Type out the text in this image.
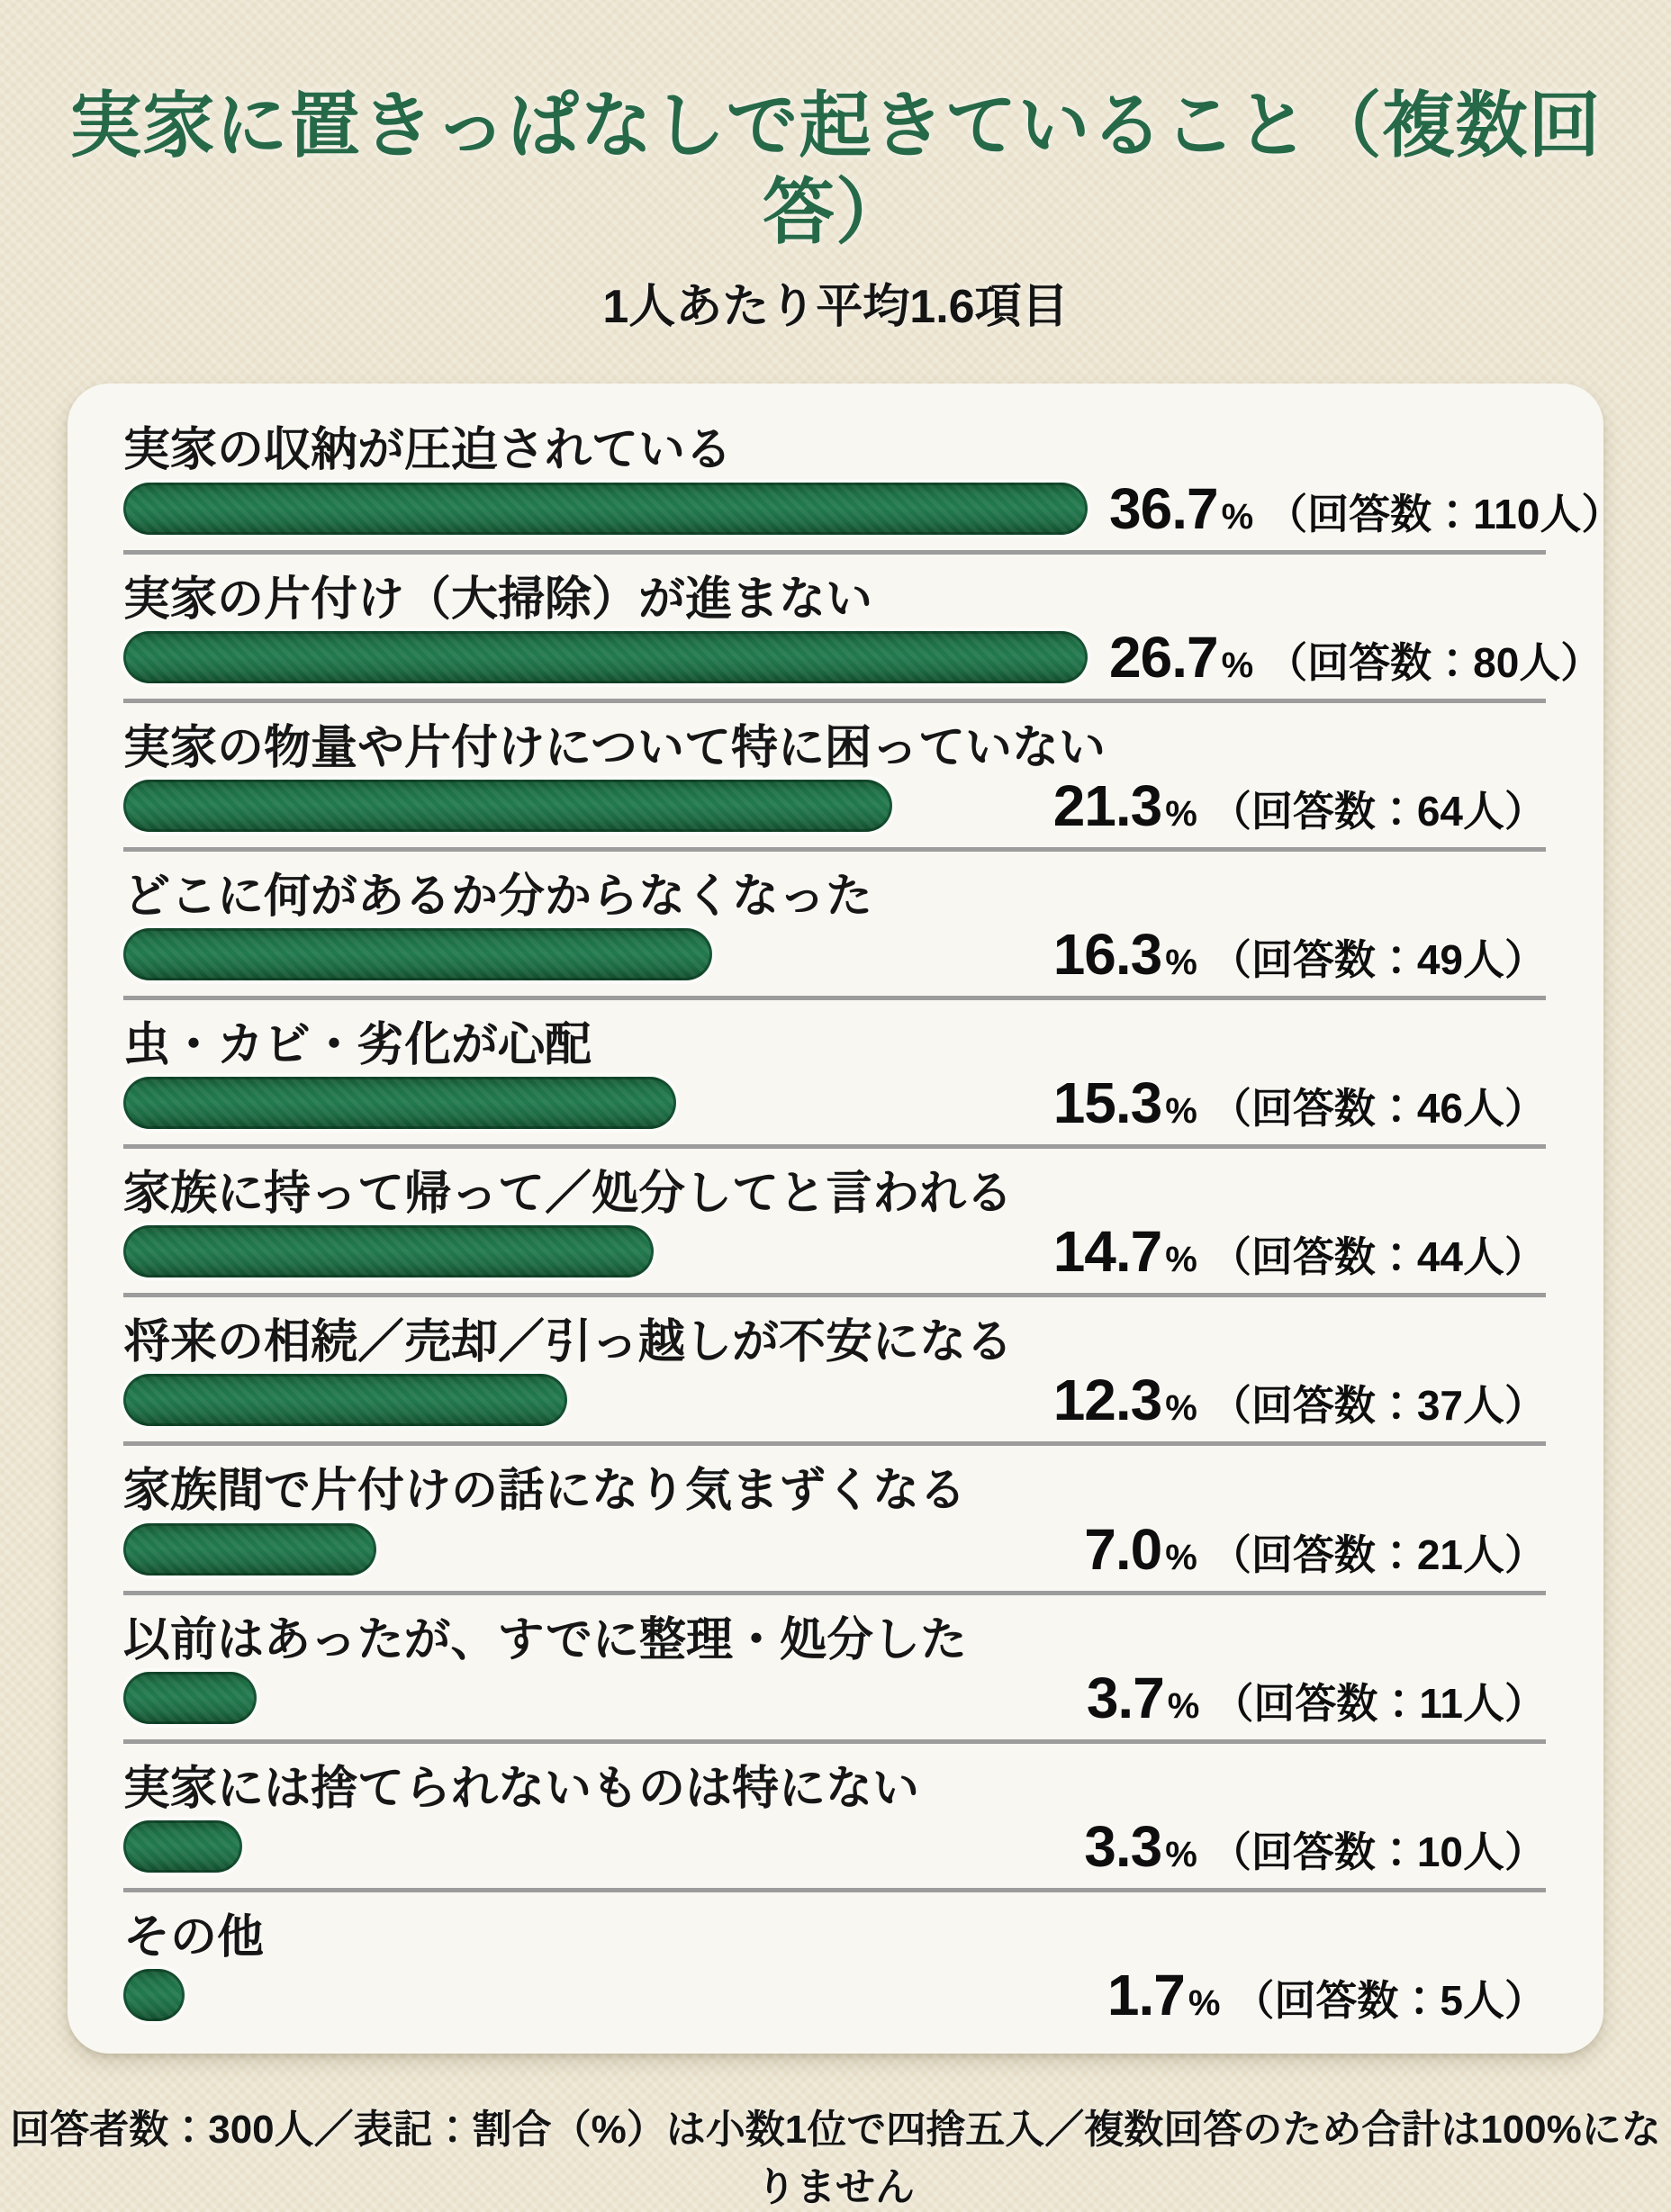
実家に置きっぱなしで起きていること（複数回答）
1人あたり平均1.6項目
実家の収納が圧迫されている
36.7 % （回答数：110人）
実家の片付け（大掃除）が進まない
26.7 % （回答数：80人）
実家の物量や片付けについて特に困っていない
21.3 % （回答数：64人）
どこに何があるか分からなくなった
16.3 % （回答数：49人）
虫・カビ・劣化が心配
15.3 % （回答数：46人）
家族に持って帰って／処分してと言われる
14.7 % （回答数：44人）
将来の相続／売却／引っ越しが不安になる
12.3 % （回答数：37人）
家族間で片付けの話になり気まずくなる
7.0 % （回答数：21人）
以前はあったが、すでに整理・処分した
3.7 % （回答数：11人）
実家には捨てられないものは特にない
3.3 % （回答数：10人）
その他
1.7 % （回答数：5人）
回答者数：300人／表記：割合（%）は小数1位で四捨五入／複数回答のため合計は100%になりません
